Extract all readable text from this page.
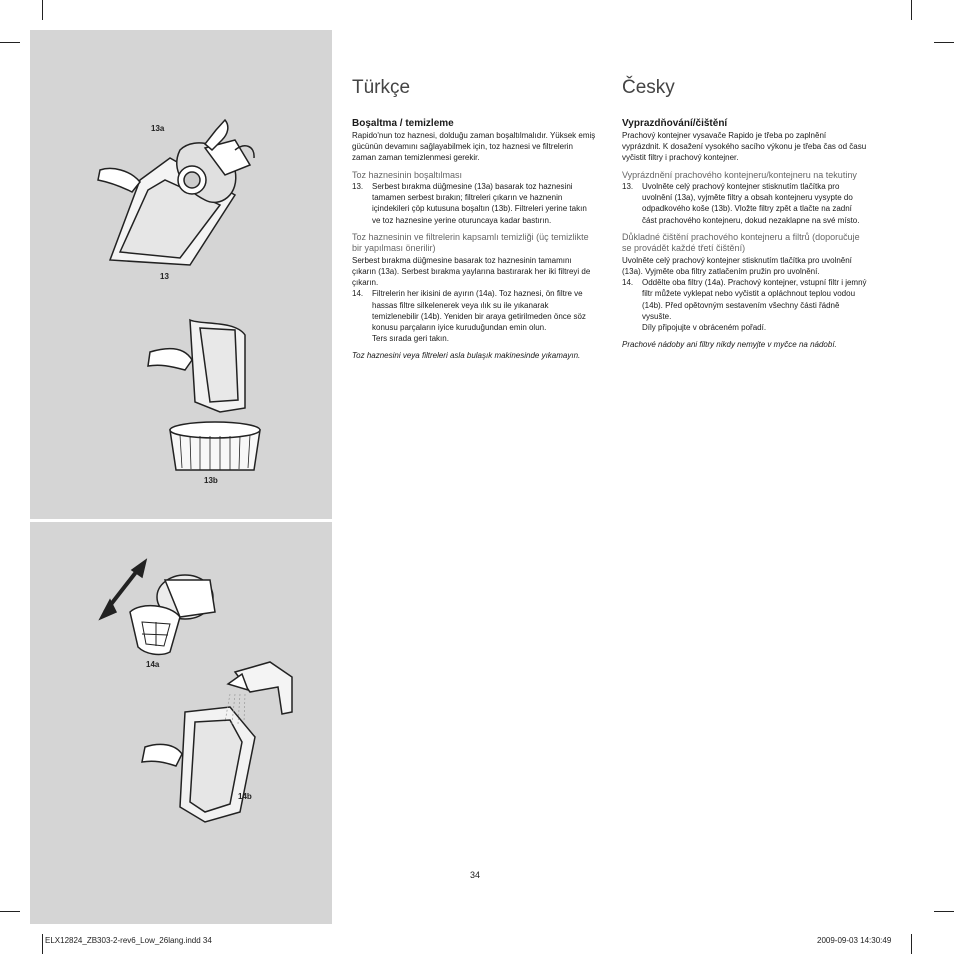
13a
13
13b
14a
14b
Türkçe

Boşaltma / temizleme

Rapido'nun toz haznesi, dolduğu zaman boşaltılmalıdır. Yüksek emiş gücünün devamını sağlayabilmek için, toz haznesi ve filtrelerin zaman zaman temizlenmesi gerekir.

Toz haznesinin boşaltılması

13. Serbest bırakma düğmesine (13a) basarak toz haznesini tamamen serbest bırakın; filtreleri çıkarın ve haznenin içindekileri çöp kutusuna boşaltın (13b). Filtreleri yerine takın ve toz haznesine yerine oturuncaya kadar bastırın.

Toz haznesinin ve filtrelerin kapsamlı temizliği (üç temizlikte bir yapılması önerilir)

Serbest bırakma düğmesine basarak toz haznesinin tamamını çıkarın (13a). Serbest bırakma yaylarına bastırarak her iki filtreyi de çıkarın.

14. Filtrelerin her ikisini de ayırın (14a). Toz haznesi, ön filtre ve hassas filtre silkelenerek veya ılık su ile yıkanarak temizlenebilir (14b). Yeniden bir araya getirilmeden önce söz konusu parçaların iyice kuruduğundan emin olun.
Ters sırada geri takın.

Toz haznesini veya filtreleri asla bulaşık makinesinde yıkamayın.

Česky

Vyprazdňování/čištění

Prachový kontejner vysavače Rapido je třeba po zaplnění vyprázdnit. K dosažení vysokého sacího výkonu je třeba čas od času vyčistit filtry i prachový kontejner.

Vyprázdnění prachového kontejneru/kontejneru na tekutiny

13. Uvolněte celý prachový kontejner stisknutím tlačítka pro uvolnění (13a), vyjměte filtry a obsah kontejneru vysypte do odpadkového koše (13b). Vložte filtry zpět a tlačte na zadní část prachového kontejneru, dokud nezaklapne na své místo.

Důkladné čištění prachového kontejneru a filtrů (doporučuje se provádět každé třetí čištění)

Uvolněte celý prachový kontejner stisknutím tlačítka pro uvolnění (13a). Vyjměte oba filtry zatlačením pružin pro uvolnění.

14. Oddělte oba filtry (14a). Prachový kontejner, vstupní filtr i jemný filtr můžete vyklepat nebo vyčistit a opláchnout teplou vodou (14b). Před opětovným sestavením všechny části řádně vysušte.
Díly připojujte v obráceném pořadí.

Prachové nádoby ani filtry nikdy nemyjte v myčce na nádobí.

34
ELX12824_ZB303-2-rev6_Low_26lang.indd 34	2009-09-03 14:30:49
